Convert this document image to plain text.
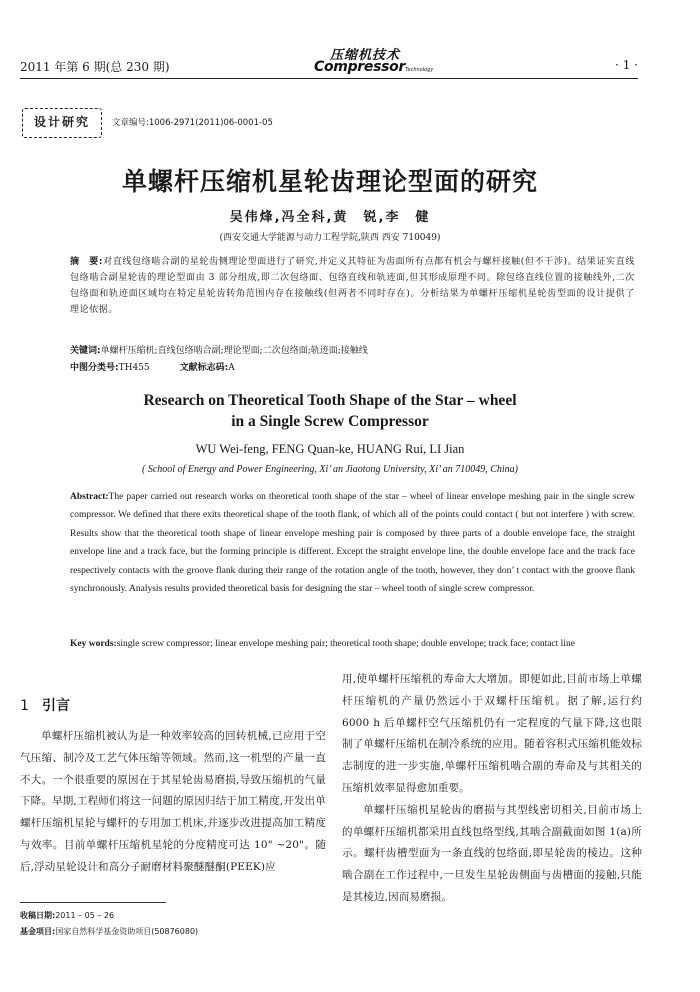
2011 年第 6 期(总 230 期)
压缩机技术
CompressorTechnology	· 1 ·
设计研究	文章编号:1006-2971(2011)06-0001-05
单螺杆压缩机星轮齿理论型面的研究
吴伟烽,冯全科,黄　锐,李　健
(西安交通大学能源与动力工程学院,陕西 西安 710049)
摘　要:对直线包络啮合副的星轮齿侧理论型面进行了研究,并定义其特征为齿面所有点都有机会与螺杆接触(但不干涉)。结果证实直线包络啮合副星轮齿的理论型面由 3 部分组成,即二次包络面、包络直线和轨迹面,但其形成原理不同。除包络直线位置的接触线外,二次包络面和轨迹面区域均在特定星轮齿转角范围内存在接触线(但两者不同时存在)。分析结果为单螺杆压缩机星轮齿型面的设计提供了理论依据。
关键词:单螺杆压缩机;直线包络啮合副;理论型面;二次包络面;轨迹面;接触线
中图分类号:TH455	文献标志码:A
Research on Theoretical Tooth Shape of the Star – wheel
in a Single Screw Compressor
WU Wei-feng, FENG Quan-ke, HUANG Rui, LI Jian
( School of Energy and Power Engineering, Xi’ an Jiaotong University, Xi’ an 710049, China)
Abstract:The paper carried out research works on theoretical tooth shape of the star – wheel of linear envelope meshing pair in the single screw compressor. We defined that there exits theoretical shape of the tooth flank, of which all of the points could contact ( but not interfere ) with screw. Results show that the theoretical tooth shape of linear envelope meshing pair is composed by three parts of a double envelope face, the straight envelope line and a track face, but the forming principle is different. Except the straight envelope line, the double envelope face and the track face respectively contacts with the groove flank during their range of the rotation angle of the tooth, however, they don’ t contact with the groove flank synchronously. Analysis results provided theoretical basis for designing the star – wheel tooth of single screw compressor.
Key words:single screw compressor; linear envelope meshing pair; theoretical tooth shape; double envelope; track face; contact line
1 引言

单螺杆压缩机被认为是一种效率较高的回转机械,已应用于空气压缩、制冷及工艺气体压缩等领域。然而,这一机型的产量一直不大。一个很重要的原因在于其星轮齿易磨损,导致压缩机的气量下降。早期,工程师们将这一问题的原因归结于加工精度,开发出单螺杆压缩机星轮与螺杆的专用加工机床,并逐步改进提高加工精度与效率。目前单螺杆压缩机星轮的分度精度可达 10" ~20"。随后,浮动星轮设计和高分子耐磨材料聚醚醚酮(PEEK)应

用,使单螺杆压缩机的寿命大大增加。即便如此,目前市场上单螺杆压缩机的产量仍然远小于双螺杆压缩机。据了解,运行约 6000 h 后单螺杆空气压缩机仍有一定程度的气量下降,这也限制了单螺杆压缩机在制冷系统的应用。随着容积式压缩机能效标志制度的进一步实施,单螺杆压缩机啮合副的寿命及与其相关的压缩机效率显得愈加重要。

单螺杆压缩机星轮齿的磨损与其型线密切相关,目前市场上的单螺杆压缩机都采用直线包络型线,其啮合副截面如图 1(a)所示。螺杆齿槽型面为一条直线的包络面,即星轮齿的棱边。这种啮合副在工作过程中,一旦发生星轮齿侧面与齿槽面的接触,只能是其棱边,因而易磨损。

收稿日期:2011 – 05 – 26
基金项目:国家自然科学基金资助项目(50876080)
